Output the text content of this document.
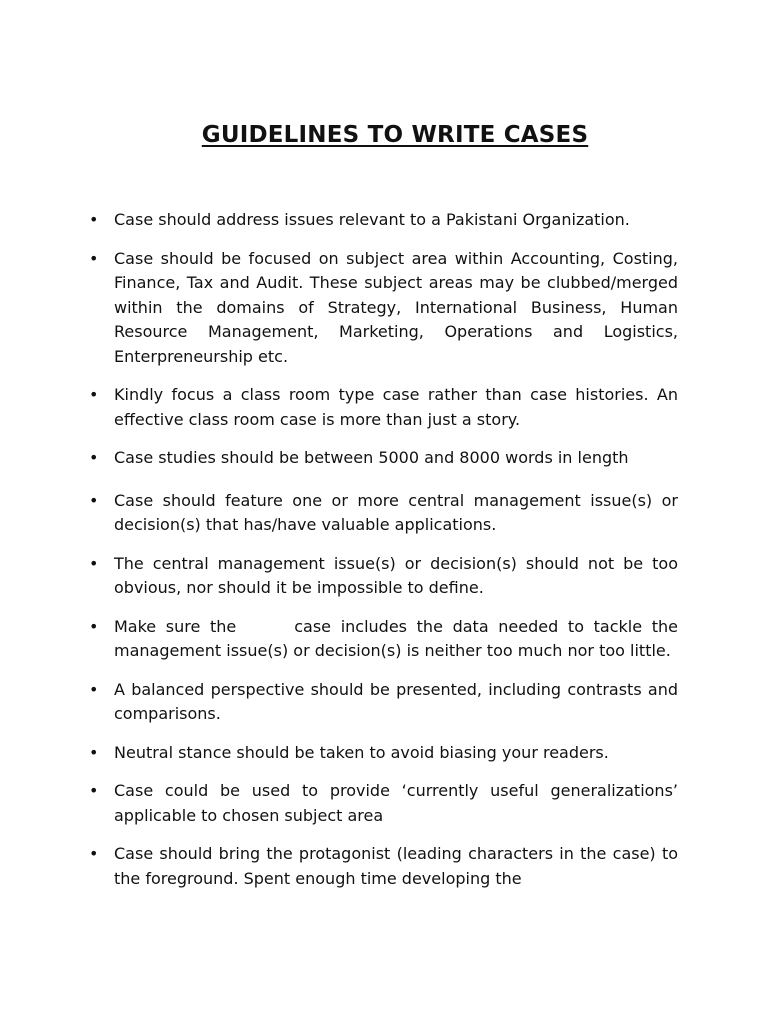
GUIDELINES TO WRITE CASES
• Case should address issues relevant to a Pakistani Organization.
• Case should be focused on subject area within Accounting, Costing, Finance, Tax and Audit. These subject areas may be clubbed/merged within the domains of Strategy, International Business, Human Resource Management, Marketing, Operations and Logistics, Enterpreneurship etc.
• Kindly focus a class room type case rather than case histories. An effective class room case is more than just a story.
• Case studies should be between 5000 and 8000 words in length
• Case should feature one or more central management issue(s) or decision(s) that has/have valuable applications.
• The central management issue(s) or decision(s) should not be too obvious, nor should it be impossible to define.
• Make sure the      case includes the data needed to tackle the management issue(s) or decision(s) is neither too much nor too little.
• A balanced perspective should be presented, including contrasts and comparisons.
• Neutral stance should be taken to avoid biasing your readers.
• Case could be used to provide ‘currently useful generalizations’ applicable to chosen subject area
• Case should bring the protagonist (leading characters in the case) to the foreground. Spent enough time developing the
